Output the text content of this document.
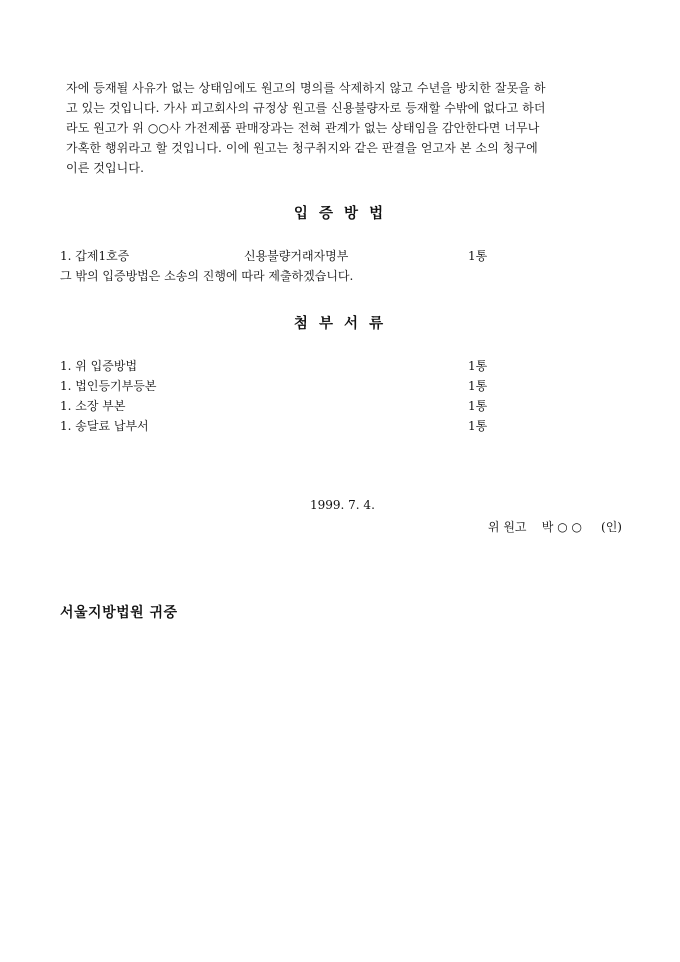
자에 등재될 사유가 없는 상태임에도 원고의 명의를 삭제하지 않고 수년을 방치한 잘못을 하
고 있는 것입니다. 가사 피고회사의 규정상 원고를 신용불량자로 등재할 수밖에 없다고 하더
라도 원고가 위 ○○사 가전제품 판매장과는 전혀 관계가 없는 상태임을 감안한다면 너무나
가혹한 행위라고 할 것입니다. 이에 원고는 청구취지와 같은 판결을 얻고자 본 소의 청구에
이른 것입니다.
입 증 방 법
1. 갑제1호증	신용불량거래자명부	1통
그 밖의 입증방법은 소송의 진행에 따라 제출하겠습니다.
첨 부 서 류
1. 위 입증방법	1통
1. 법인등기부등본	1통
1. 소장 부본	1통
1. 송달료 납부서	1통
1999. 7. 4.
위 원고 박 ○ ○ (인)
서울지방법원 귀중
